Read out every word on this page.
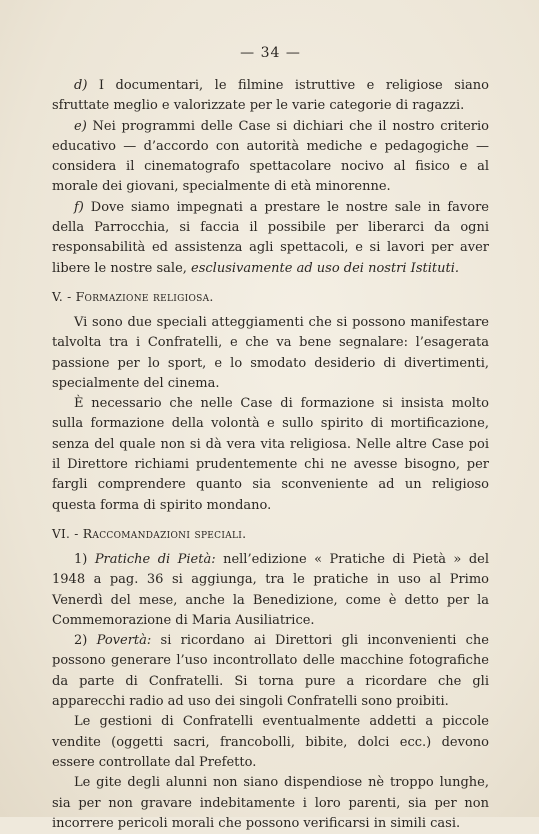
— 34 —

d) I documentari, le filmine istruttive e religiose siano sfruttate meglio e valorizzate per le varie categorie di ragazzi.

e) Nei programmi delle Case si dichiari che il nostro criterio educativo — d’accordo con autorità mediche e pedagogiche — considera il cinematografo spettacolare nocivo al fisico e al morale dei giovani, specialmente di età minorenne.

f) Dove siamo impegnati a prestare le nostre sale in favore della Parrocchia, si faccia il possibile per liberarci da ogni responsabilità ed assistenza agli spettacoli, e si lavori per aver libere le nostre sale, esclusivamente ad uso dei nostri Istituti.

V. - Formazione religiosa.

Vi sono due speciali atteggiamenti che si possono manifestare talvolta tra i Confratelli, e che va bene segnalare: l’esagerata passione per lo sport, e lo smodato desiderio di divertimenti, specialmente del cinema.

È necessario che nelle Case di formazione si insista molto sulla formazione della volontà e sullo spirito di mortificazione, senza del quale non si dà vera vita religiosa. Nelle altre Case poi il Direttore richiami prudentemente chi ne avesse bisogno, per fargli comprendere quanto sia sconveniente ad un religioso questa forma di spirito mondano.

VI. - Raccomandazioni speciali.

1) Pratiche di Pietà: nell’edizione « Pratiche di Pietà » del 1948 a pag. 36 si aggiunga, tra le pratiche in uso al Primo Venerdì del mese, anche la Benedizione, come è detto per la Commemorazione di Maria Ausiliatrice.

2) Povertà: si ricordano ai Direttori gli inconvenienti che possono generare l’uso incontrollato delle macchine fotografiche da parte di Confratelli. Si torna pure a ricordare che gli apparecchi radio ad uso dei singoli Confratelli sono proibiti.

Le gestioni di Confratelli eventualmente addetti a piccole vendite (oggetti sacri, francobolli, bibite, dolci ecc.) devono essere controllate dal Prefetto.

Le gite degli alunni non siano dispendiose nè troppo lunghe, sia per non gravare indebitamente i loro parenti, sia per non incorrere pericoli morali che possono verificarsi in simili casi.
